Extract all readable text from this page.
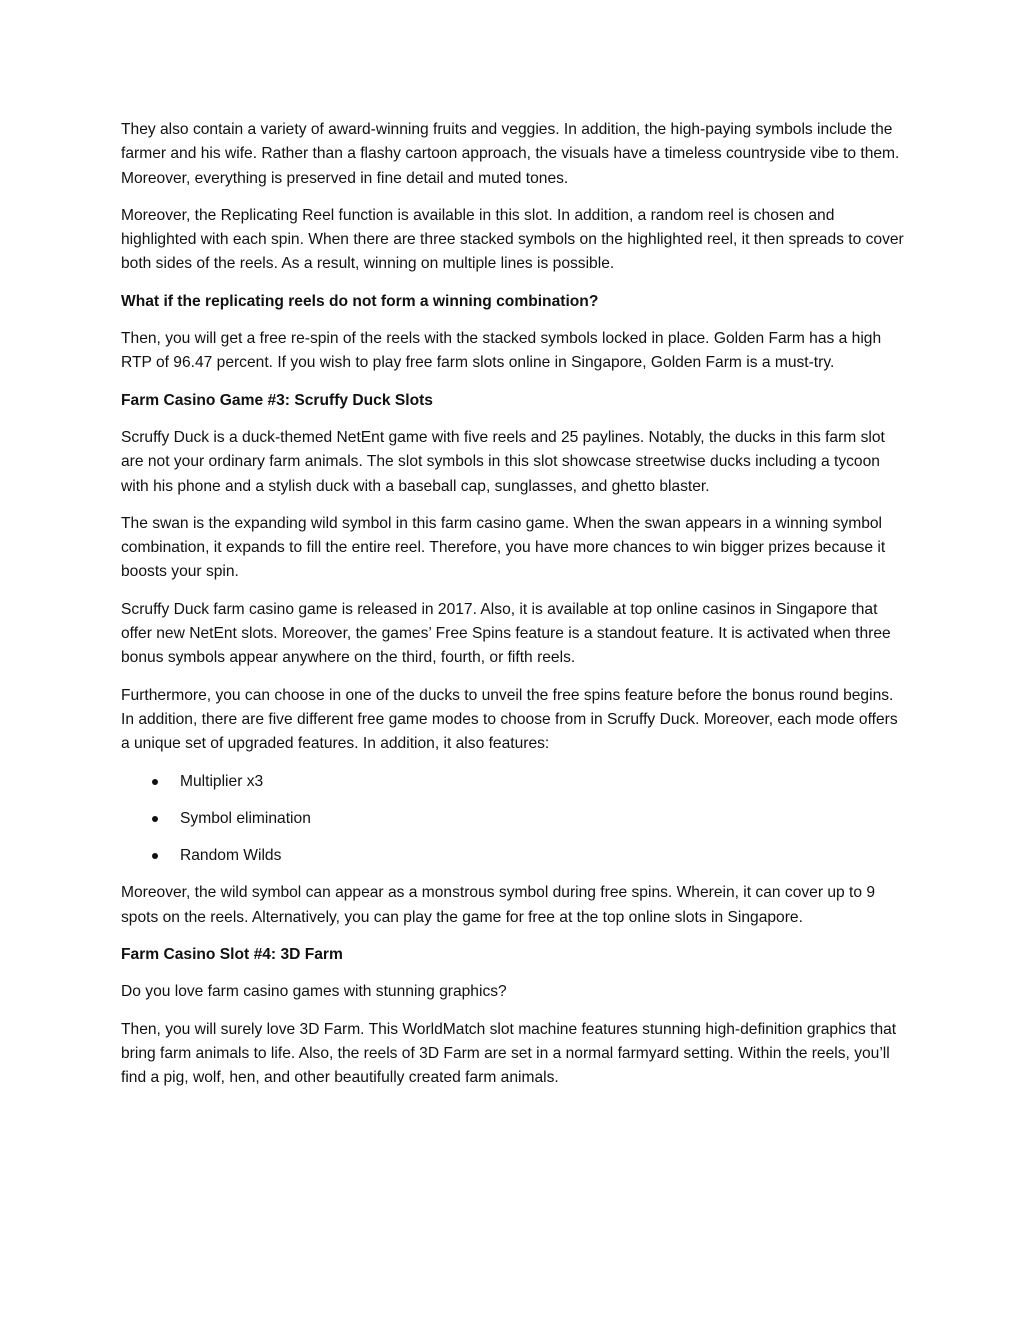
They also contain a variety of award-winning fruits and veggies. In addition, the high-paying symbols include the farmer and his wife. Rather than a flashy cartoon approach, the visuals have a timeless countryside vibe to them. Moreover, everything is preserved in fine detail and muted tones.

Moreover, the Replicating Reel function is available in this slot. In addition, a random reel is chosen and highlighted with each spin. When there are three stacked symbols on the highlighted reel, it then spreads to cover both sides of the reels. As a result, winning on multiple lines is possible.

What if the replicating reels do not form a winning combination?

Then, you will get a free re-spin of the reels with the stacked symbols locked in place. Golden Farm has a high RTP of 96.47 percent. If you wish to play free farm slots online in Singapore, Golden Farm is a must-try.

Farm Casino Game #3: Scruffy Duck Slots

Scruffy Duck is a duck-themed NetEnt game with five reels and 25 paylines. Notably, the ducks in this farm slot are not your ordinary farm animals. The slot symbols in this slot showcase streetwise ducks including a tycoon with his phone and a stylish duck with a baseball cap, sunglasses, and ghetto blaster.

The swan is the expanding wild symbol in this farm casino game. When the swan appears in a winning symbol combination, it expands to fill the entire reel. Therefore, you have more chances to win bigger prizes because it boosts your spin.

Scruffy Duck farm casino game is released in 2017. Also, it is available at top online casinos in Singapore that offer new NetEnt slots. Moreover, the games’ Free Spins feature is a standout feature. It is activated when three bonus symbols appear anywhere on the third, fourth, or fifth reels.

Furthermore, you can choose in one of the ducks to unveil the free spins feature before the bonus round begins. In addition, there are five different free game modes to choose from in Scruffy Duck. Moreover, each mode offers a unique set of upgraded features. In addition, it also features:

Multiplier x3
Symbol elimination
Random Wilds

Moreover, the wild symbol can appear as a monstrous symbol during free spins. Wherein, it can cover up to 9 spots on the reels. Alternatively, you can play the game for free at the top online slots in Singapore.

Farm Casino Slot #4: 3D Farm

Do you love farm casino games with stunning graphics?

Then, you will surely love 3D Farm. This WorldMatch slot machine features stunning high-definition graphics that bring farm animals to life. Also, the reels of 3D Farm are set in a normal farmyard setting. Within the reels, you’ll find a pig, wolf, hen, and other beautifully created farm animals.
